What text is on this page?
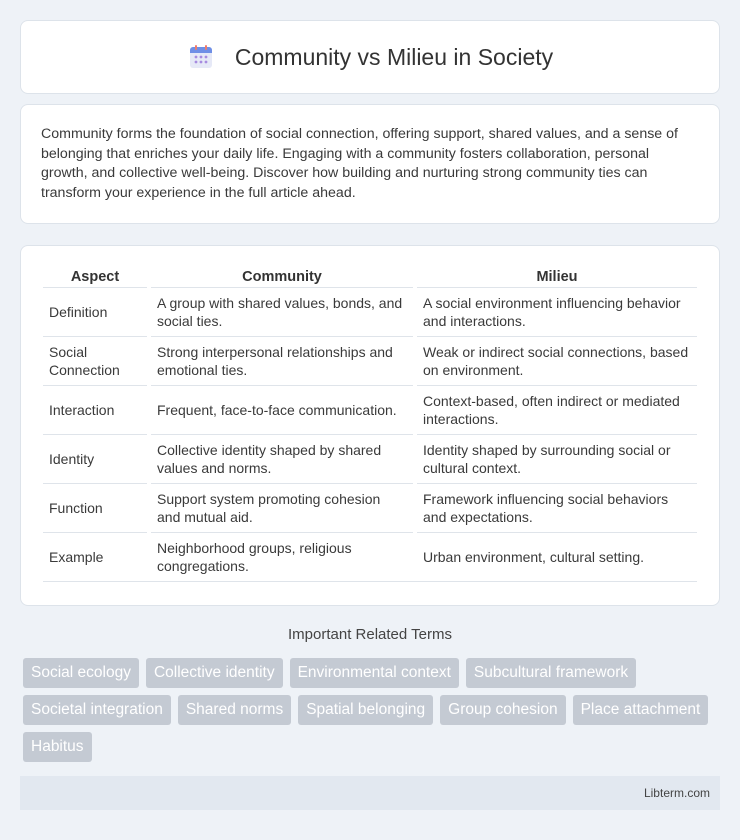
Community vs Milieu in Society

Community forms the foundation of social connection, offering support, shared values, and a sense of belonging that enriches your daily life. Engaging with a community fosters collaboration, personal growth, and collective well-being. Discover how building and nurturing strong community ties can transform your experience in the full article ahead.

Aspect		Community		Milieu
Definition		A group with shared values, bonds, and social ties.		A social environment influencing behavior and interactions.
Social Connection		Strong interpersonal relationships and emotional ties.		Weak or indirect social connections, based on environment.
Interaction		Frequent, face-to-face communication.		Context-based, often indirect or mediated interactions.
Identity		Collective identity shaped by shared values and norms.		Identity shaped by surrounding social or cultural context.
Function		Support system promoting cohesion and mutual aid.		Framework influencing social behaviors and expectations.
Example		Neighborhood groups, religious congregations.		Urban environment, cultural setting.
Important Related Terms
Social ecology	Collective identity	Environmental context	Subcultural framework
Societal integration	Shared norms	Spatial belonging	Group cohesion	Place attachment
Habitus
Libterm.com
